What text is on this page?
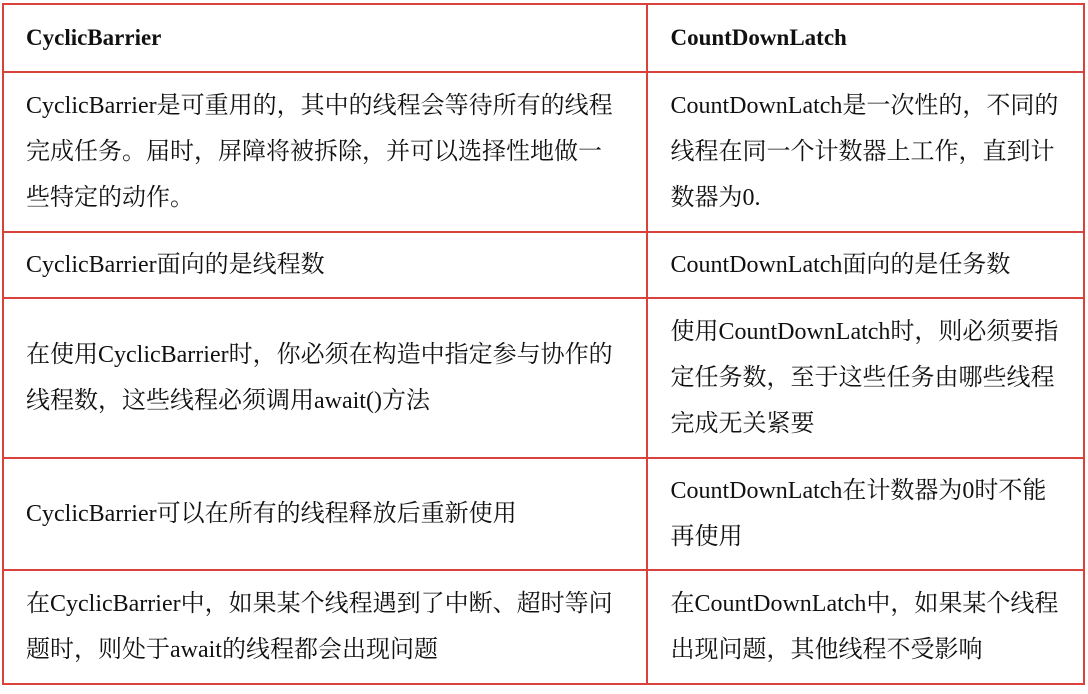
CyclicBarrier	CountDownLatch

CyclicBarrier是可重用的，其中的线程会等待所有的线程完成任务。届时，屏障将被拆除，并可以选择性地做一些特定的动作。	CountDownLatch是一次性的，不同的线程在同一个计数器上工作，直到计数器为0.

CyclicBarrier面向的是线程数	CountDownLatch面向的是任务数

在使用CyclicBarrier时，你必须在构造中指定参与协作的线程数，这些线程必须调用await()方法	使用CountDownLatch时，则必须要指定任务数，至于这些任务由哪些线程完成无关紧要

CyclicBarrier可以在所有的线程释放后重新使用	CountDownLatch在计数器为0时不能再使用

在CyclicBarrier中，如果某个线程遇到了中断、超时等问题时，则处于await的线程都会出现问题	在CountDownLatch中，如果某个线程出现问题，其他线程不受影响
